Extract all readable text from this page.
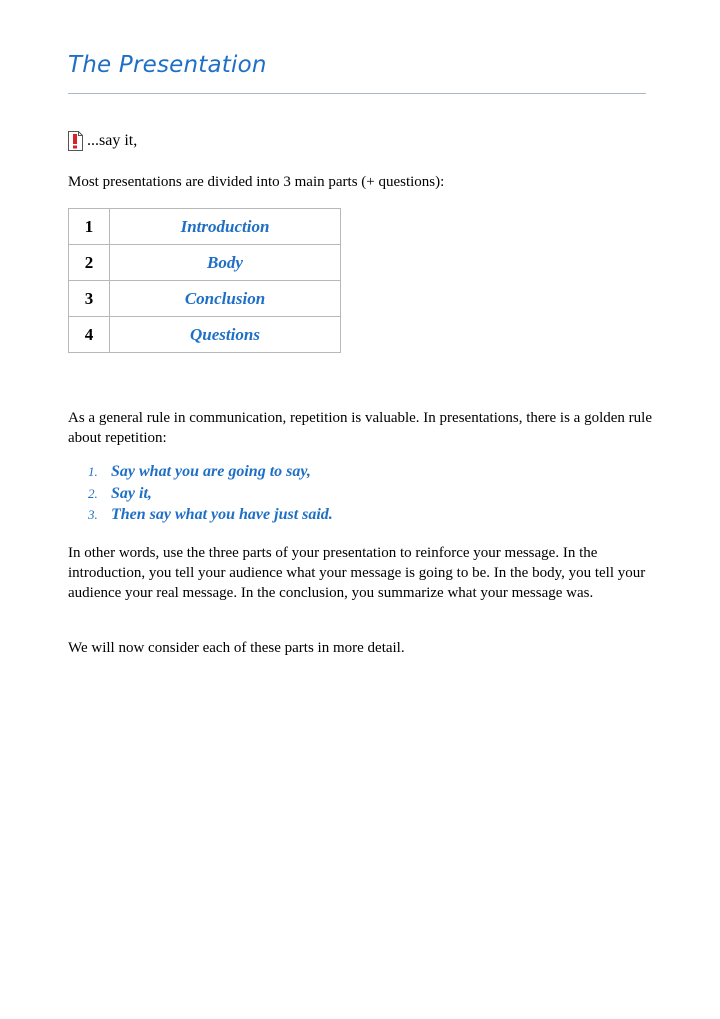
The Presentation
...say it,
Most presentations are divided into 3 main parts (+ questions):
1	Introduction
2	Body
3	Conclusion
4	Questions

As a general rule in communication, repetition is valuable. In presentations, there is a golden rule about repetition:

1. Say what you are going to say,
2. Say it,
3. Then say what you have just said.

In other words, use the three parts of your presentation to reinforce your message. In the introduction, you tell your audience what your message is going to be. In the body, you tell your audience your real message. In the conclusion, you summarize what your message was.

We will now consider each of these parts in more detail.
